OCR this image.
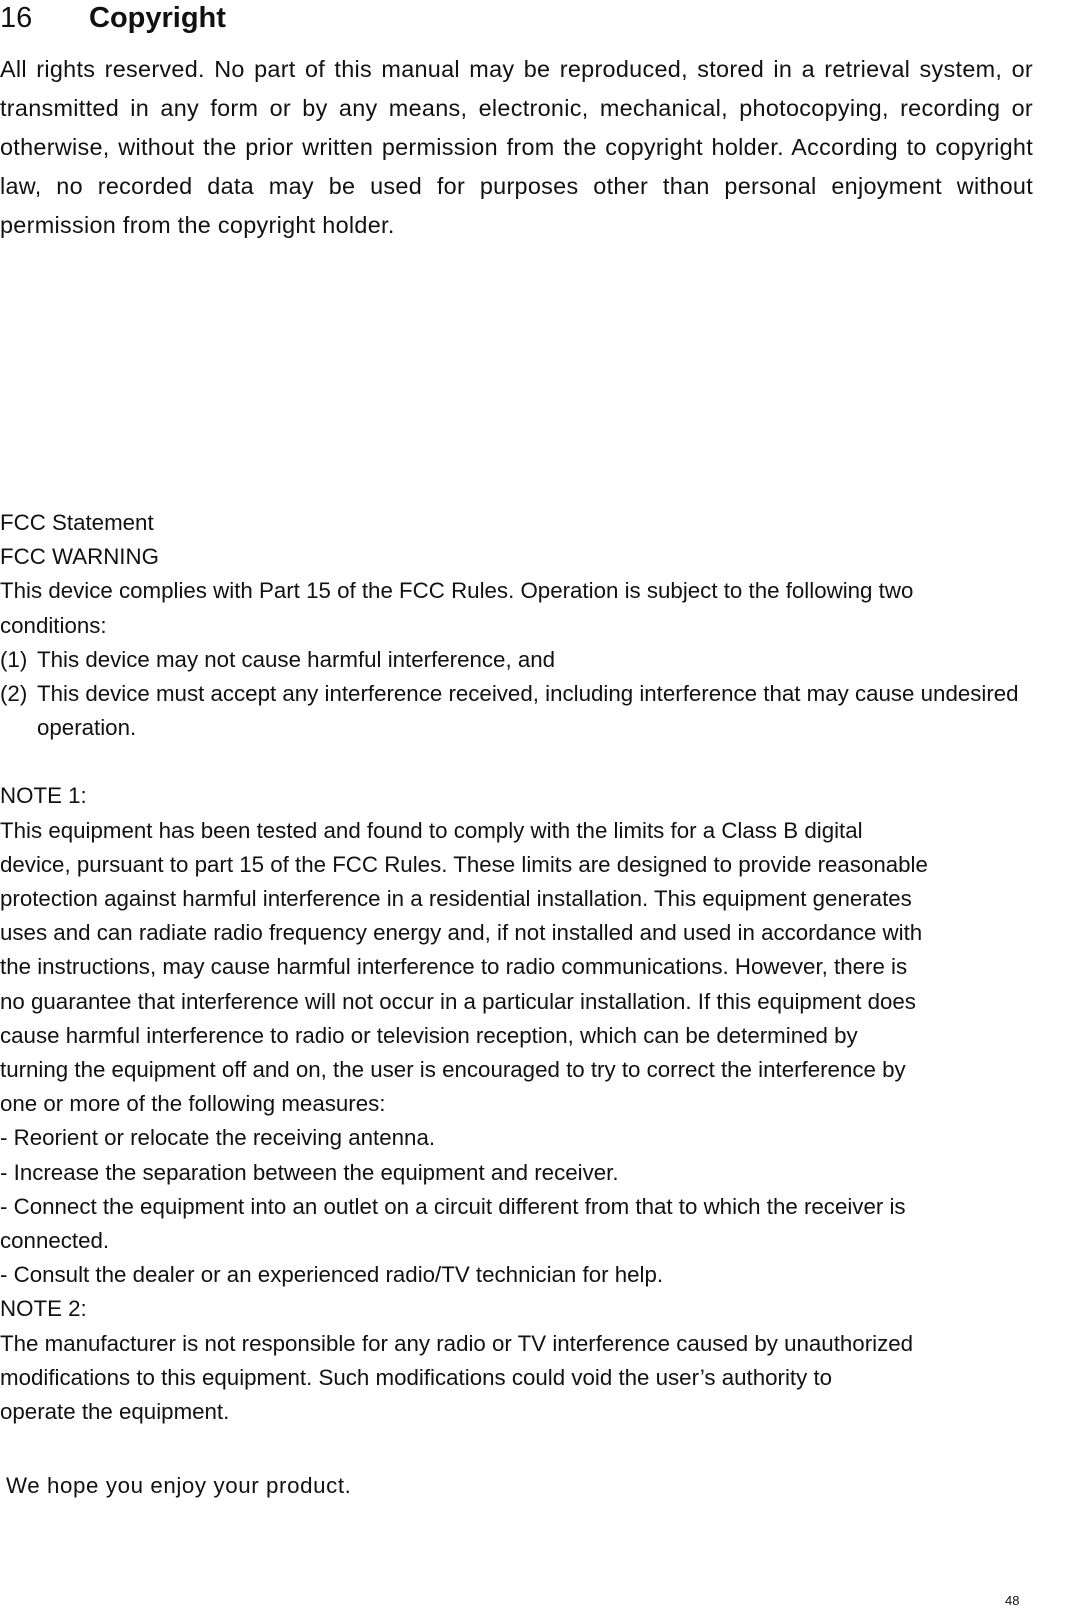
16 Copyright
All rights reserved. No part of this manual may be reproduced, stored in a retrieval system, or transmitted in any form or by any means, electronic, mechanical, photocopying, recording or otherwise, without the prior written permission from the copyright holder. According to copyright law, no recorded data may be used for purposes other than personal enjoyment without permission from the copyright holder.

FCC Statement

FCC WARNING

This device complies with Part 15 of the FCC Rules. Operation is subject to the following two

conditions:

(1) This device may not cause harmful interference, and
(2) This device must accept any interference received, including interference that may cause undesired operation.

NOTE 1:

This equipment has been tested and found to comply with the limits for a Class B digital

device, pursuant to part 15 of the FCC Rules. These limits are designed to provide reasonable

protection against harmful interference in a residential installation. This equipment generates

uses and can radiate radio frequency energy and, if not installed and used in accordance with

the instructions, may cause harmful interference to radio communications. However, there is

no guarantee that interference will not occur in a particular installation. If this equipment does

cause harmful interference to radio or television reception, which can be determined by

turning the equipment off and on, the user is encouraged to try to correct the interference by

one or more of the following measures:

- Reorient or relocate the receiving antenna.

- Increase the separation between the equipment and receiver.

- Connect the equipment into an outlet on a circuit different from that to which the receiver is

connected.

- Consult the dealer or an experienced radio/TV technician for help.

NOTE 2:

The manufacturer is not responsible for any radio or TV interference caused by unauthorized

modifications to this equipment. Such modifications could void the user’s authority to

operate the equipment.

We hope you enjoy your product.
48
